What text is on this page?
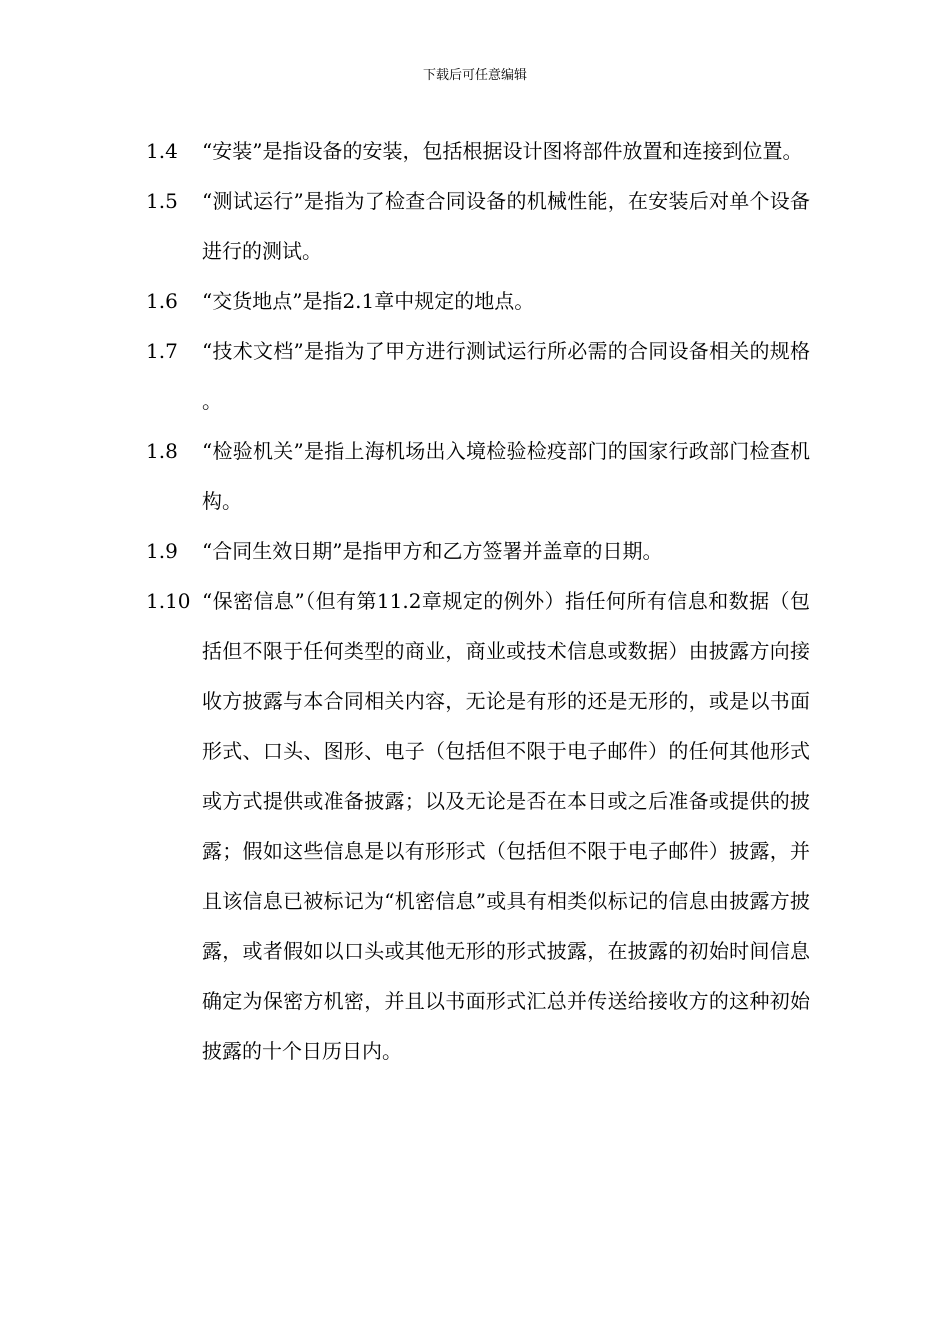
下载后可任意编辑
1.4	“安装”是指设备的安装，包括根据设计图将部件放置和连接到位置。
1.5	“测试运行”是指为了检查合同设备的机械性能，在安装后对单个设备进行的测试。
1.6	“交货地点”是指2.1章中规定的地点。
1.7	“技术文档”是指为了甲方进行测试运行所必需的合同设备相关的规格。
1.8	“检验机关”是指上海机场出入境检验检疫部门的国家行政部门检查机构。
1.9	“合同生效日期”是指甲方和乙方签署并盖章的日期。
1.10 “保密信息”（但有第11.2章规定的例外）指任何所有信息和数据（包括但不限于任何类型的商业，商业或技术信息或数据）由披露方向接收方披露与本合同相关内容，无论是有形的还是无形的，或是以书面形式、口头、图形、电子（包括但不限于电子邮件）的任何其他形式或方式提供或准备披露；以及无论是否在本日或之后准备或提供的披露；假如这些信息是以有形形式（包括但不限于电子邮件）披露，并且该信息已被标记为“机密信息”或具有相类似标记的信息由披露方披露，或者假如以口头或其他无形的形式披露，在披露的初始时间信息确定为保密方机密，并且以书面形式汇总并传送给接收方的这种初始披露的十个日历日内。
